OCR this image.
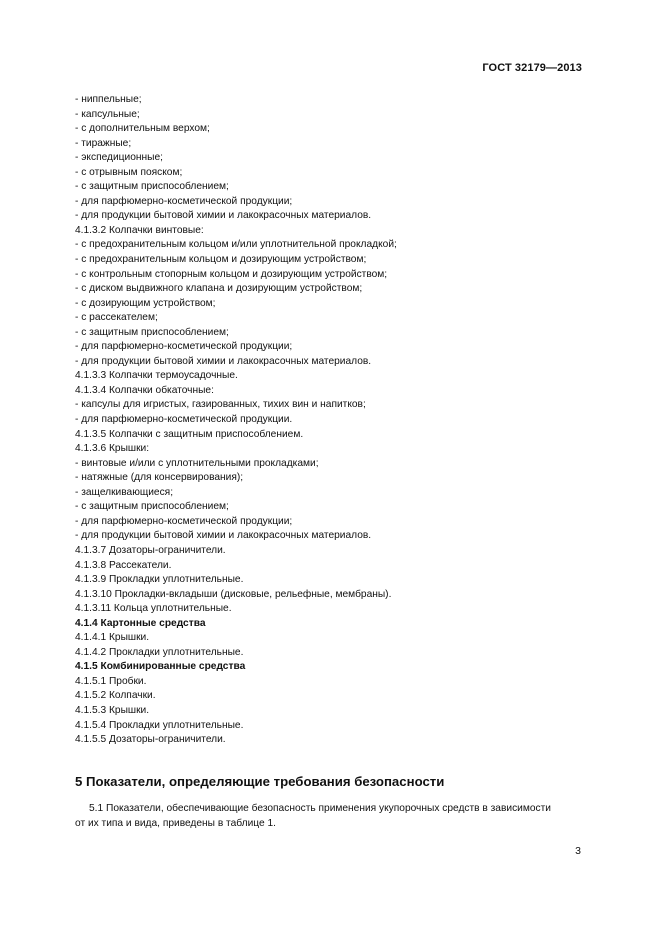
ГОСТ 32179—2013
- ниппельные;
- капсульные;
- с дополнительным верхом;
- тиражные;
- экспедиционные;
- с отрывным пояском;
- с защитным приспособлением;
- для парфюмерно-косметической продукции;
- для продукции бытовой химии и лакокрасочных материалов.
4.1.3.2 Колпачки винтовые:
- с предохранительным кольцом и/или уплотнительной прокладкой;
- с предохранительным кольцом и дозирующим устройством;
- с контрольным стопорным кольцом и дозирующим устройством;
- с диском выдвижного клапана и дозирующим устройством;
- с дозирующим устройством;
- с рассекателем;
- с защитным приспособлением;
- для парфюмерно-косметической продукции;
- для продукции бытовой химии и лакокрасочных материалов.
4.1.3.3 Колпачки термоусадочные.
4.1.3.4 Колпачки обкаточные:
- капсулы для игристых, газированных, тихих вин и напитков;
- для парфюмерно-косметической продукции.
4.1.3.5 Колпачки с защитным приспособлением.
4.1.3.6 Крышки:
- винтовые и/или с уплотнительными прокладками;
- натяжные (для консервирования);
- защелкивающиеся;
- с защитным приспособлением;
- для парфюмерно-косметической продукции;
- для продукции бытовой химии и лакокрасочных материалов.
4.1.3.7 Дозаторы-ограничители.
4.1.3.8 Рассекатели.
4.1.3.9 Прокладки уплотнительные.
4.1.3.10 Прокладки-вкладыши (дисковые, рельефные, мембраны).
4.1.3.11 Кольца уплотнительные.
4.1.4 Картонные средства
4.1.4.1 Крышки.
4.1.4.2 Прокладки уплотнительные.
4.1.5 Комбинированные средства
4.1.5.1 Пробки.
4.1.5.2 Колпачки.
4.1.5.3 Крышки.
4.1.5.4 Прокладки уплотнительные.
4.1.5.5 Дозаторы-ограничители.
5 Показатели, определяющие требования безопасности
5.1 Показатели, обеспечивающие безопасность применения укупорочных средств в зависимости
от их типа и вида, приведены в таблице 1.
3
